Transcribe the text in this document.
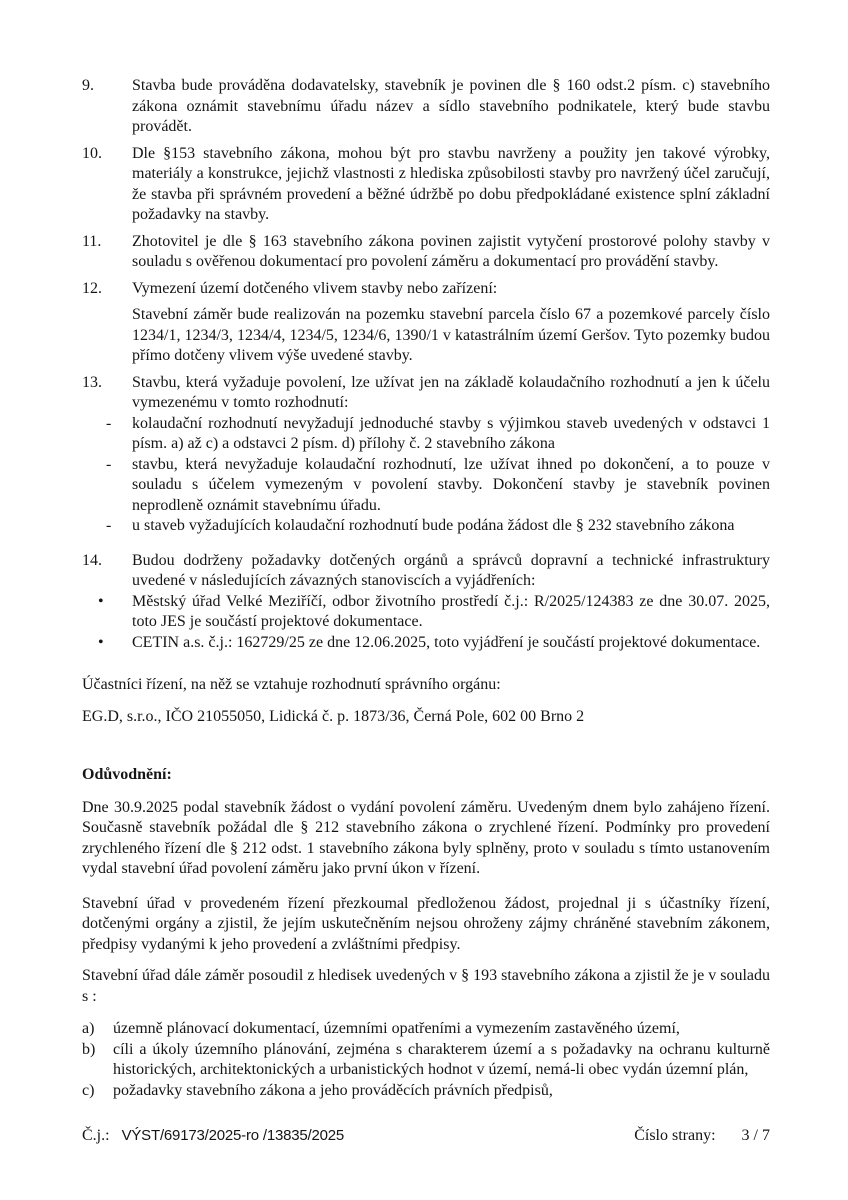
9. Stavba bude prováděna dodavatelsky, stavebník je povinen dle § 160 odst.2 písm. c) stavebního zákona oznámit stavebnímu úřadu název a sídlo stavebního podnikatele, který bude stavbu provádět.

10. Dle §153 stavebního zákona, mohou být pro stavbu navrženy a použity jen takové výrobky, materiály a konstrukce, jejichž vlastnosti z hlediska způsobilosti stavby pro navržený účel zaručují, že stavba při správném provedení a běžné údržbě po dobu předpokládané existence splní základní požadavky na stavby.

11. Zhotovitel je dle § 163 stavebního zákona povinen zajistit vytyčení prostorové polohy stavby v souladu s ověřenou dokumentací pro povolení záměru a dokumentací pro provádění stavby.

12. Vymezení území dotčeného vlivem stavby nebo zařízení:

Stavební záměr bude realizován na pozemku stavební parcela číslo 67 a pozemkové parcely číslo 1234/1, 1234/3, 1234/4, 1234/5, 1234/6, 1390/1 v katastrálním území Geršov. Tyto pozemky budou přímo dotčeny vlivem výše uvedené stavby.

13. Stavbu, která vyžaduje povolení, lze užívat jen na základě kolaudačního rozhodnutí a jen k účelu vymezenému v tomto rozhodnutí:

- kolaudační rozhodnutí nevyžadují jednoduché stavby s výjimkou staveb uvedených v odstavci 1 písm. a) až c) a odstavci 2 písm. d) přílohy č. 2 stavebního zákona

- stavbu, která nevyžaduje kolaudační rozhodnutí, lze užívat ihned po dokončení, a to pouze v souladu s účelem vymezeným v povolení stavby. Dokončení stavby je stavebník povinen neprodleně oznámit stavebnímu úřadu.

- u staveb vyžadujících kolaudační rozhodnutí bude podána žádost dle § 232 stavebního zákona

14. Budou dodrženy požadavky dotčených orgánů a správců dopravní a technické infrastruktury uvedené v následujících závazných stanoviscích a vyjádřeních:

• Městský úřad Velké Meziříčí, odbor životního prostředí č.j.: R/2025/124383 ze dne 30.07. 2025, toto JES je součástí projektové dokumentace.

• CETIN a.s. č.j.: 162729/25 ze dne 12.06.2025, toto vyjádření je součástí projektové dokumentace.

Účastníci řízení, na něž se vztahuje rozhodnutí správního orgánu:

EG.D, s.r.o., IČO 21055050, Lidická č. p. 1873/36, Černá Pole, 602 00 Brno 2

Odůvodnění:

Dne 30.9.2025 podal stavebník žádost o vydání povolení záměru. Uvedeným dnem bylo zahájeno řízení. Současně stavebník požádal dle § 212 stavebního zákona o zrychlené řízení. Podmínky pro provedení zrychleného řízení dle § 212 odst. 1 stavebního zákona byly splněny, proto v souladu s tímto ustanovením vydal stavební úřad povolení záměru jako první úkon v řízení.

Stavební úřad v provedeném řízení přezkoumal předloženou žádost, projednal ji s účastníky řízení, dotčenými orgány a zjistil, že jejím uskutečněním nejsou ohroženy zájmy chráněné stavebním zákonem, předpisy vydanými k jeho provedení a zvláštními předpisy.

Stavební úřad dále záměr posoudil z hledisek uvedených v § 193 stavebního zákona a zjistil že je v souladu s :

a) územně plánovací dokumentací, územními opatřeními a vymezením zastavěného území,

b) cíli a úkoly územního plánování, zejména s charakterem území a s požadavky na ochranu kulturně historických, architektonických a urbanistických hodnot v území, nemá-li obec vydán územní plán,

c) požadavky stavebního zákona a jeho prováděcích právních předpisů,

Č.j.: VÝST/69173/2025-ro /13835/2025	Číslo strany: 3 / 7
